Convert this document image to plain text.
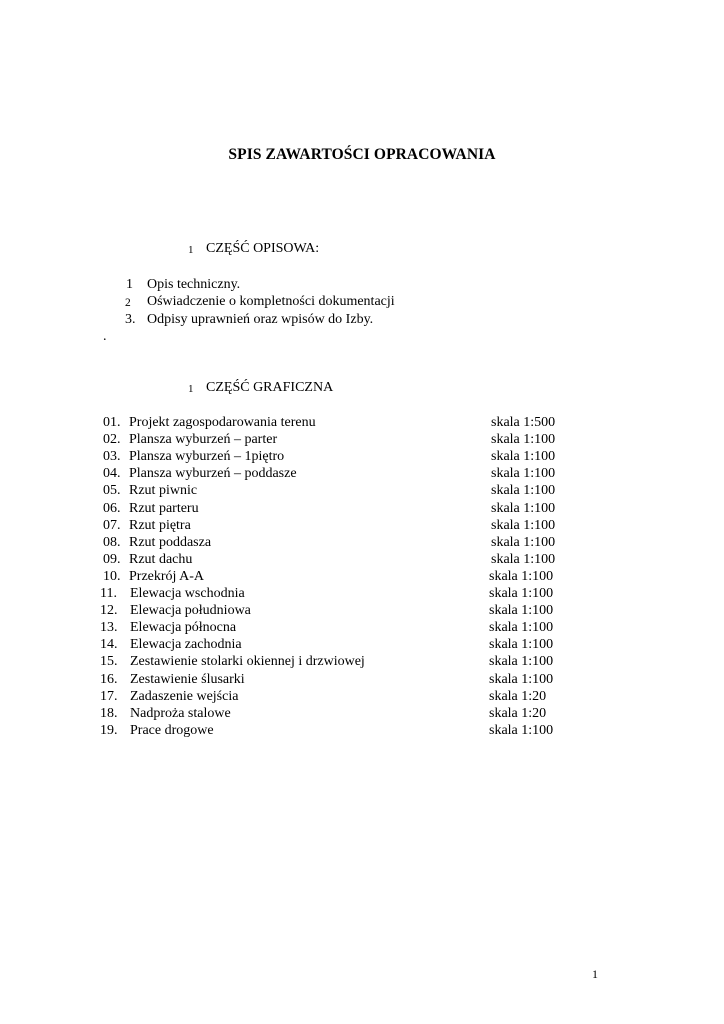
SPIS ZAWARTOŚCI OPRACOWANIA
1 CZĘŚĆ OPISOWA:
1 Opis techniczny.
2 Oświadczenie o kompletności dokumentacji
3. Odpisy uprawnień oraz wpisów do Izby.
.
1 CZĘŚĆ GRAFICZNA
01. Projekt zagospodarowania terenu	skala 1:500
02. Plansza wyburzeń – parter	skala 1:100
03. Plansza wyburzeń – 1piętro	skala 1:100
04. Plansza wyburzeń – poddasze	skala 1:100
05. Rzut piwnic	skala 1:100
06. Rzut parteru	skala 1:100
07. Rzut piętra	skala 1:100
08. Rzut poddasza	skala 1:100
09. Rzut dachu	skala 1:100
10. Przekrój A-A	skala 1:100
11. Elewacja wschodnia	skala 1:100
12. Elewacja południowa	skala 1:100
13. Elewacja północna	skala 1:100
14. Elewacja zachodnia	skala 1:100
15. Zestawienie stolarki okiennej i drzwiowej	skala 1:100
16. Zestawienie ślusarki	skala 1:100
17. Zadaszenie wejścia	skala 1:20
18. Nadproża stalowe	skala 1:20
19. Prace drogowe	skala 1:100
1
